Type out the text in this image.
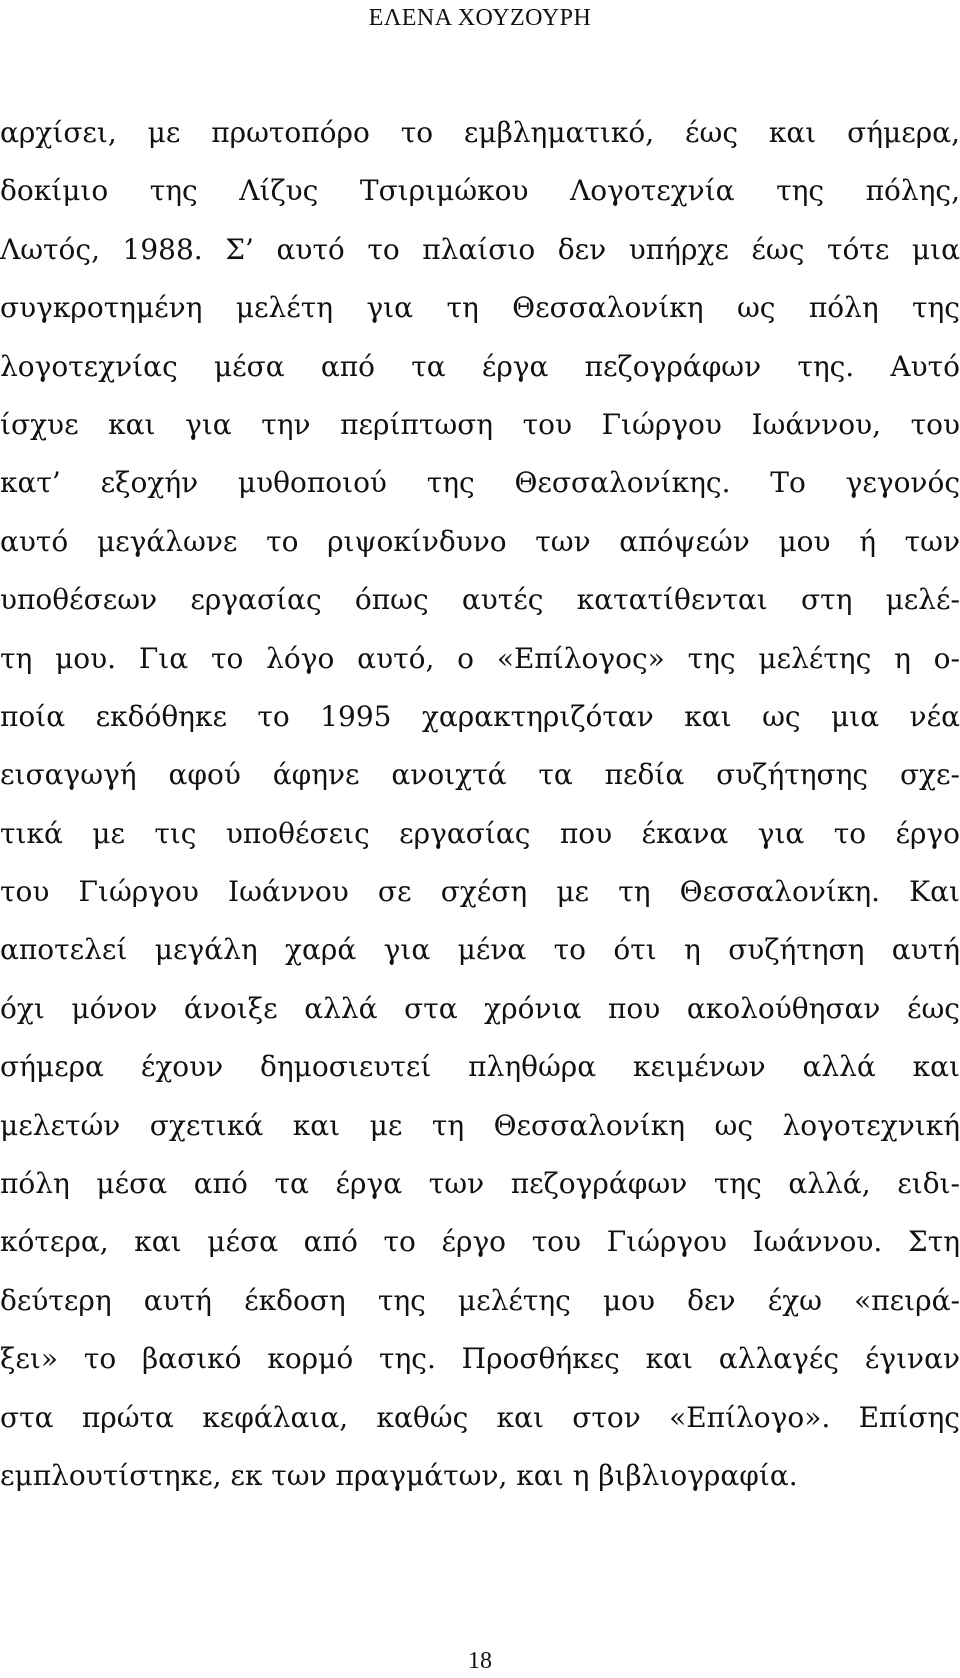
ΕΛΕΝΑ ΧΟΥΖΟΥΡΗ
αρχίσει, με πρωτοπόρο το εμβληματικό, έως και σήμερα,
δοκίμιο της Λίζυς Τσιριμώκου Λογοτεχνία της πόλης,
Λωτός, 1988. Σ’ αυτό το πλαίσιο δεν υπήρχε έως τότε μια
συγκροτημένη μελέτη για τη Θεσσαλονίκη ως πόλη της
λογοτεχνίας μέσα από τα έργα πεζογράφων της. Αυτό
ίσχυε και για την περίπτωση του Γιώργου Ιωάννου, του
κατ’ εξοχήν μυθοποιού της Θεσσαλονίκης. Το γεγονός
αυτό μεγάλωνε το ριψοκίνδυνο των απόψεών μου ή των
υποθέσεων εργασίας όπως αυτές κατατίθενται στη μελέ-
τη μου. Για το λόγο αυτό, ο «Επίλογος» της μελέτης η ο-
ποία εκδόθηκε το 1995 χαρακτηριζόταν και ως μια νέα
εισαγωγή αφού άφηνε ανοιχτά τα πεδία συζήτησης σχε-
τικά με τις υποθέσεις εργασίας που έκανα για το έργο
του Γιώργου Ιωάννου σε σχέση με τη Θεσσαλονίκη. Και
αποτελεί μεγάλη χαρά για μένα το ότι η συζήτηση αυτή
όχι μόνον άνοιξε αλλά στα χρόνια που ακολούθησαν έως
σήμερα έχουν δημοσιευτεί πληθώρα κειμένων αλλά και
μελετών σχετικά και με τη Θεσσαλονίκη ως λογοτεχνική
πόλη μέσα από τα έργα των πεζογράφων της αλλά, ειδι-
κότερα, και μέσα από το έργο του Γιώργου Ιωάννου. Στη
δεύτερη αυτή έκδοση της μελέτης μου δεν έχω «πειρά-
ξει» το βασικό κορμό της. Προσθήκες και αλλαγές έγιναν
στα πρώτα κεφάλαια, καθώς και στον «Επίλογο». Επίσης
εμπλουτίστηκε, εκ των πραγμάτων, και η βιβλιογραφία.
18
